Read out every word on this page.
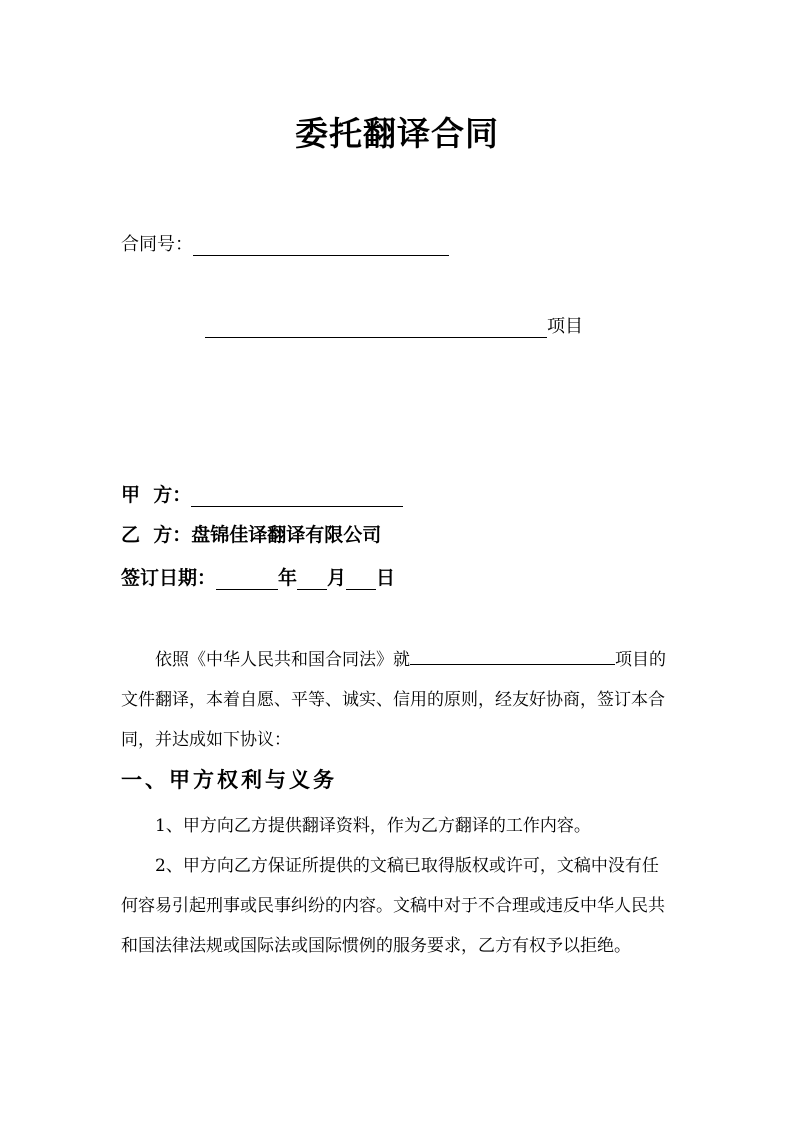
委托翻译合同
合同号：
项目
甲  方：
乙  方： 盘锦佳译翻译有限公司
签订日期：	年 月 日
依照《中华人民共和国合同法》就	项目的文件翻译，本着自愿、平等、诚实、信用的原则，经友好协商，签订本合同，并达成如下协议：
一、甲方权利与义务
1、甲方向乙方提供翻译资料，作为乙方翻译的工作内容。
2、甲方向乙方保证所提供的文稿已取得版权或许可，文稿中没有任何容易引起刑事或民事纠纷的内容。文稿中对于不合理或违反中华人民共和国法律法规或国际法或国际惯例的服务要求，乙方有权予以拒绝。
